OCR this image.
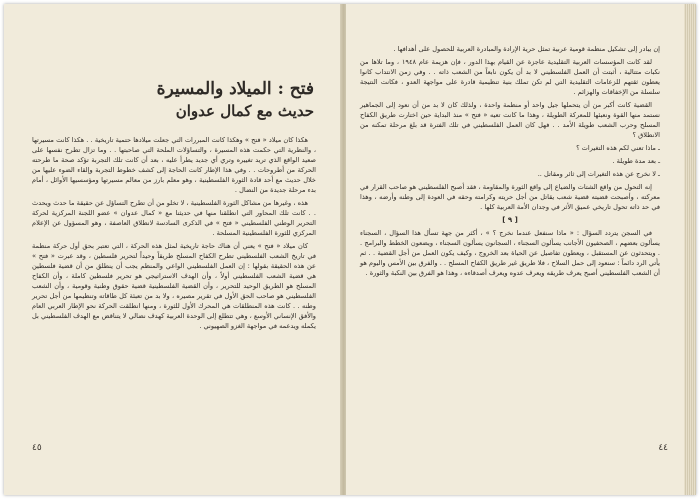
فتح : الميلاد والمسيرة
حديث مع كمال عدوان

هكذا كان ميلاد « فتح » وهكذا كانت المبررات التي جعلت ميلادها حتمية تاريخية . . هكذا كانت مسيرتها ، والنظرية التي حكمت هذه المسيرة ، والتساؤلات الملحة التي صاحبتها . . وما تزال تطرح نفسها على صعيد الواقع الذي تريد تغييره وتري أي جديد يطرأ عليه ، بعد أن كانت تلك التجربة تؤكد صحة ما طرحته الحركة من أطروحات . . وفي هذا الإطار كانت الحاجة إلى كشف خطوط التجربة وإلقاء الضوء عليها من خلال حديث مع أحد قادة الثورة الفلسطينية ، وهو معلم بارز من معالم مسيرتها ومؤسسيها الأوائل ، أمام بدء مرحلة جديدة من النضال .

هذه ، وغيرها من مشاكل الثورة الفلسطينية ، لا تخلو من أن تطرح التساؤل عن حقيقة ما حدث ويحدث . . كانت تلك المحاور التي انطلقنا منها في حديثنا مع « كمال عدوان » عضو اللجنة المركزية لحركة التحرير الوطني الفلسطيني « فتح » في الذكرى السادسة لانطلاق العاصفة ، وهو المسؤول عن الإعلام المركزي للثورة الفلسطينية المسلحة .

كان ميلاد « فتح » يعني أن هناك حاجة تاريخية لمثل هذه الحركة ، التي تعتبر بحق أول حركة منظمة في تاريخ الشعب الفلسطيني تطرح الكفاح المسلح طريقاً وحيداً لتحرير فلسطين ، وقد عبرت « فتح » عن هذه الحقيقة بقولها : إن العمل الفلسطيني الواعي والمنظم يجب أن ينطلق من أن قضية فلسطين هي قضية الشعب الفلسطيني أولاً ، وأن الهدف الاستراتيجي هو تحرير فلسطين كاملة ، وأن الكفاح المسلح هو الطريق الوحيد للتحرير ، وأن القضية الفلسطينية قضية حقوق وطنية وقومية ، وأن الشعب الفلسطيني هو صاحب الحق الأول في تقرير مصيره ، ولا بد من تعبئة كل طاقاته وتنظيمها من أجل تحرير وطنه . . كانت هذه المنطلقات هي المحرك الأول للثورة ، ومنها انطلقت الحركة نحو الإطار العربي العام والأفق الإنساني الأوسع ، وهي تتطلع إلى الوحدة العربية كهدف نضالي لا يتناقض مع الهدف الفلسطيني بل يكمله ويدعمه في مواجهة الغزو الصهيوني .

٤٥

إن يبادر إلى تشكيل منظمة قومية عربية تمثل حرية الإرادة والمبادرة العربية للحصول على أهدافها .

لقد كانت المؤسسات العربية التقليدية عاجزة عن القيام بهذا الدور ، فإن هزيمة عام ١٩٤٨ ، وما تلاها من نكبات متتالية ، أثبتت أن العمل الفلسطيني لا بد أن يكون نابعاً من الشعب ذاته . . وفي زمن الانتداب كانوا يعطون ثقتهم للزعامات التقليدية التي لم تكن تملك بنية تنظيمية قادرة على مواجهة العدو ، فكانت النتيجة سلسلة من الإخفاقات والهزائم .

القضية كانت أكبر من أن يتحملها جيل واحد أو منظمة واحدة ، ولذلك كان لا بد من أن نعود إلى الجماهير نستمد منها القوة ونعبئها للمعركة الطويلة ، وهذا ما كانت تعيه « فتح » منذ البداية حين اختارت طريق الكفاح المسلح وحرب الشعب طويلة الأمد . . فهل كان العمل الفلسطيني في تلك الفترة قد بلغ مرحلة تمكنه من الانطلاق ؟

ـ ماذا تعني لكم هذه التغيرات ؟

ـ بعد مدة طويلة .

ـ لا نخرج عن هذه التغيرات إلى ثائر ومقاتل ..

إنه التحول من واقع الشتات والضياع إلى واقع الثورة والمقاومة ، فقد أصبح الفلسطيني هو صاحب القرار في معركته ، وأصبحت قضيته قضية شعب يقاتل من أجل حريته وكرامته وحقه في العودة إلى وطنه وأرضه ، وهذا في حد ذاته تحول تاريخي عميق الأثر في وجدان الأمة العربية كلها .

[ ٩ ]

في السجن يتردد السؤال : « ماذا سنفعل عندما نخرج ؟ » ، أكثر من جهة تسأل هذا السؤال ، السجناء يسألون بعضهم ، الصحفيون الأجانب يسألون السجناء ، السجانون يسألون السجناء ، ويضعون الخطط والبرامج . . ويتحدثون عن المستقبل ، ويعطون تفاصيل عن الحياة بعد الخروج ، وكيف يكون العمل من أجل القضية . . ثم يأتي الرد دائماً : سنعود إلى حمل السلاح ، فلا طريق غير طريق الكفاح المسلح . . والفرق بين الأمس واليوم هو أن الشعب الفلسطيني أصبح يعرف طريقه ويعرف عدوه ويعرف أصدقاءه ، وهذا هو الفرق بين النكبة والثورة .

٤٤
